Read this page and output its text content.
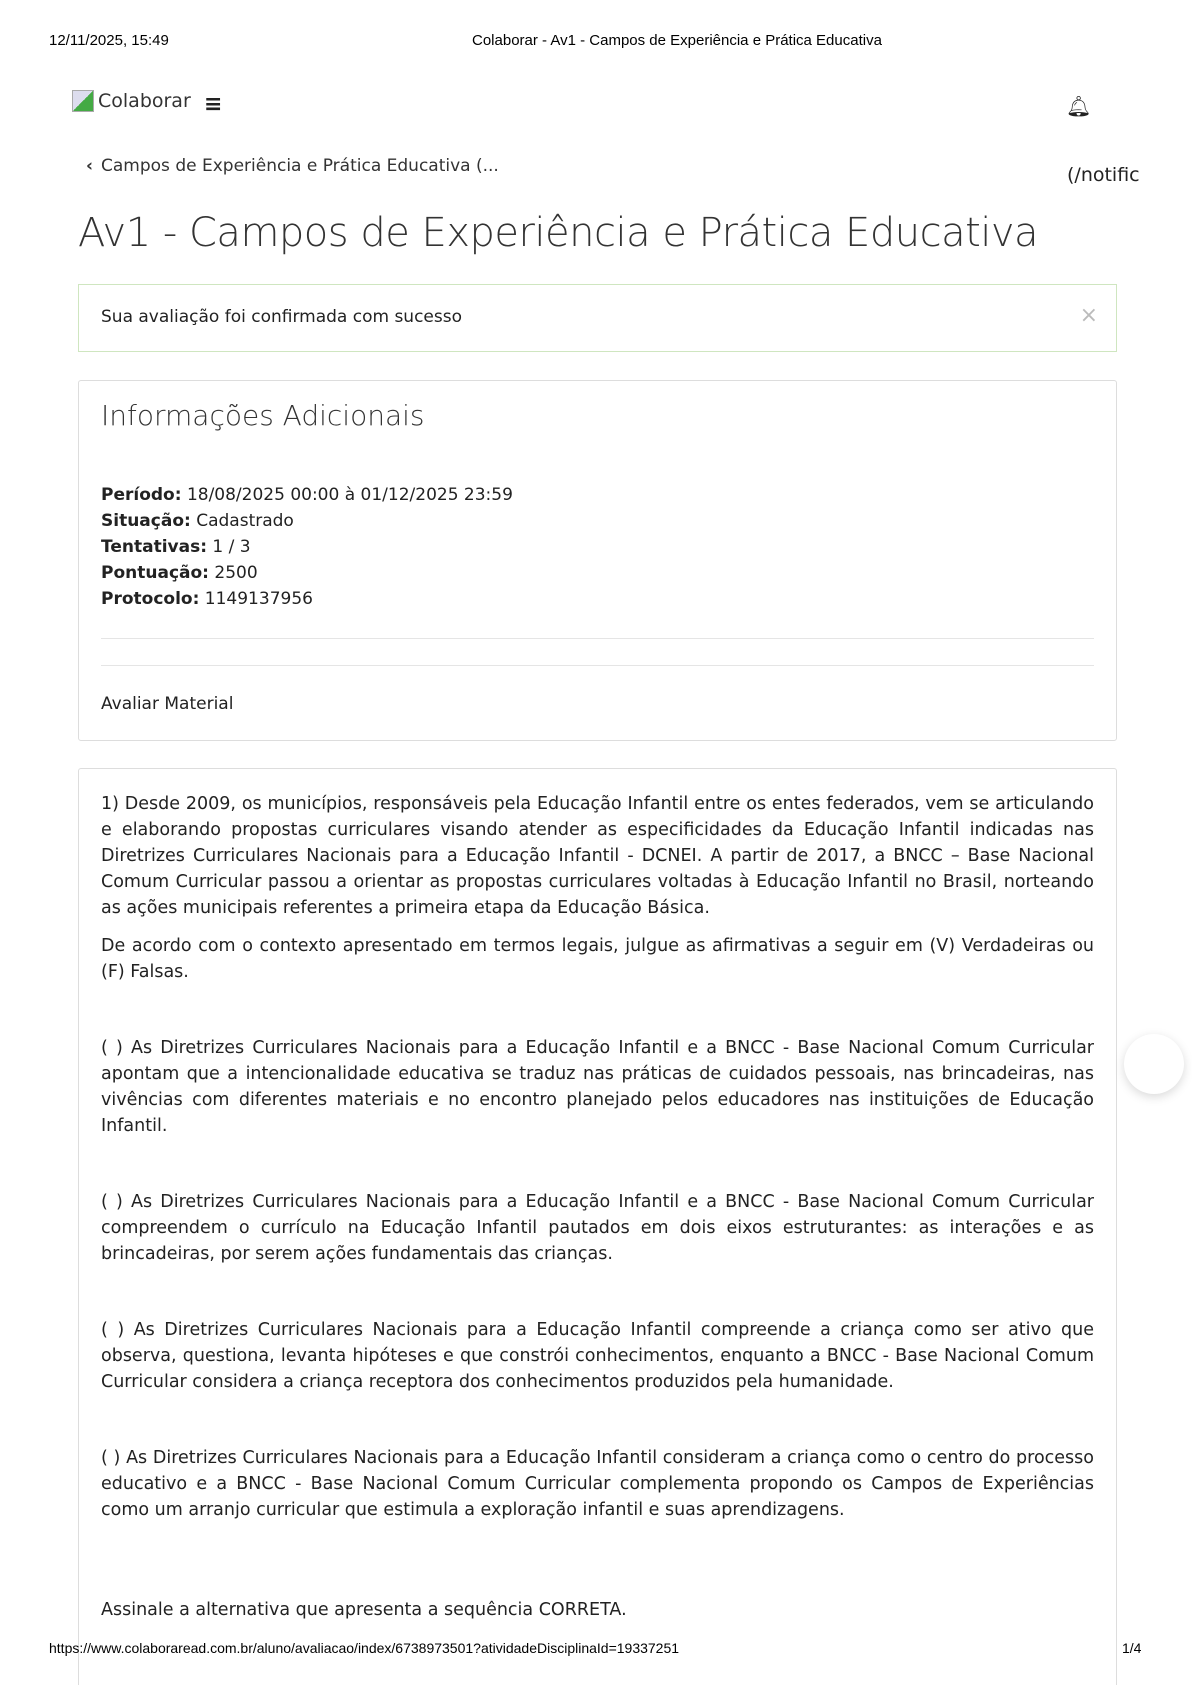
12/11/2025, 15:49	Colaborar - Av1 - Campos de Experiência e Prática Educativa
Colaborar ≡	🔔︎
‹ Campos de Experiência e Prática Educativa (...	(/notific
Av1 - Campos de Experiência e Prática Educativa
Sua avaliação foi confirmada com sucesso	×
Informações Adicionais
Período: 18/08/2025 00:00 à 01/12/2025 23:59
Situação: Cadastrado
Tentativas: 1 / 3
Pontuação: 2500
Protocolo: 1149137956
Avaliar Material

1) Desde 2009, os municípios, responsáveis pela Educação Infantil entre os entes federados, vem se articulando e elaborando propostas curriculares visando atender as especificidades da Educação Infantil indicadas nas Diretrizes Curriculares Nacionais para a Educação Infantil - DCNEI. A partir de 2017, a BNCC – Base Nacional Comum Curricular passou a orientar as propostas curriculares voltadas à Educação Infantil no Brasil, norteando as ações municipais referentes a primeira etapa da Educação Básica.

De acordo com o contexto apresentado em termos legais, julgue as afirmativas a seguir em (V) Verdadeiras ou (F) Falsas.

( ) As Diretrizes Curriculares Nacionais para a Educação Infantil e a BNCC - Base Nacional Comum Curricular apontam que a intencionalidade educativa se traduz nas práticas de cuidados pessoais, nas brincadeiras, nas vivências com diferentes materiais e no encontro planejado pelos educadores nas instituições de Educação Infantil.

( ) As Diretrizes Curriculares Nacionais para a Educação Infantil e a BNCC - Base Nacional Comum Curricular compreendem o currículo na Educação Infantil pautados em dois eixos estruturantes: as interações e as brincadeiras, por serem ações fundamentais das crianças.

( ) As Diretrizes Curriculares Nacionais para a Educação Infantil compreende a criança como ser ativo que observa, questiona, levanta hipóteses e que constrói conhecimentos, enquanto a BNCC - Base Nacional Comum Curricular considera a criança receptora dos conhecimentos produzidos pela humanidade.

( ) As Diretrizes Curriculares Nacionais para a Educação Infantil consideram a criança como o centro do processo educativo e a BNCC - Base Nacional Comum Curricular complementa propondo os Campos de Experiências como um arranjo curricular que estimula a exploração infantil e suas aprendizagens.

Assinale a alternativa que apresenta a sequência CORRETA.

https://www.colaboraread.com.br/aluno/avaliacao/index/6738973501?atividadeDisciplinaId=19337251	1/4
